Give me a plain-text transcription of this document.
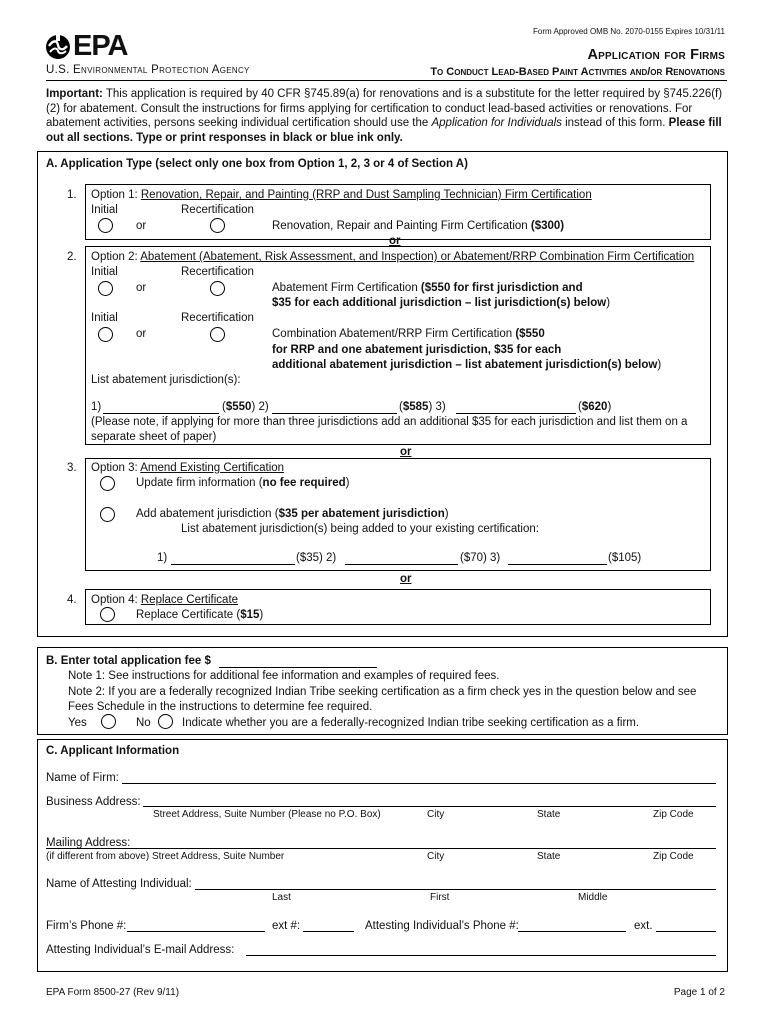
Form Approved OMB No. 2070-0155 Expires 10/31/11
EPA
U.S. Environmental Protection Agency
Application for Firms
To Conduct Lead-Based Paint Activities and/or Renovations
Important: This application is required by 40 CFR §745.89(a) for renovations and is a substitute for the letter required by §745.226(f)(2) for abatement. Consult the instructions for firms applying for certification to conduct lead-based activities or renovations. For abatement activities, persons seeking individual certification should use the Application for Individuals instead of this form. Please fill out all sections. Type or print responses in black or blue ink only.
A. Application Type (select only one box from Option 1, 2, 3 or 4 of Section A)
1. Option 1: Renovation, Repair, and Painting (RRP and Dust Sampling Technician) Firm Certification
Initial	Recertification
or	Renovation, Repair and Painting Firm Certification ($300)
or
2. Option 2: Abatement (Abatement, Risk Assessment, and Inspection) or Abatement/RRP Combination Firm Certification
Initial	Recertification
or	Abatement Firm Certification ($550 for first jurisdiction and
$35 for each additional jurisdiction – list jurisdiction(s) below)
Initial	Recertification
or	Combination Abatement/RRP Firm Certification ($550
for RRP and one abatement jurisdiction, $35 for each
additional abatement jurisdiction – list abatement jurisdiction(s) below)
List abatement jurisdiction(s):
1)	($550) 2)	($585) 3)	($620)
(Please note, if applying for more than three jurisdictions add an additional $35 for each jurisdiction and list them on a separate sheet of paper)
or
3. Option 3: Amend Existing Certification
Update firm information (no fee required)
Add abatement jurisdiction ($35 per abatement jurisdiction)
List abatement jurisdiction(s) being added to your existing certification:
1)	($35) 2)	($70) 3)	($105)
or
4. Option 4: Replace Certificate
Replace Certificate ($15)
B. Enter total application fee $
Note 1: See instructions for additional fee information and examples of required fees.
Note 2: If you are a federally recognized Indian Tribe seeking certification as a firm check yes in the question below and see Fees Schedule in the instructions to determine fee required.
Yes	No	Indicate whether you are a federally-recognized Indian tribe seeking certification as a firm.
C. Applicant Information
Name of Firm:
Business Address:
Street Address, Suite Number (Please no P.O. Box)	City	State	Zip Code
Mailing Address:
(if different from above) Street Address, Suite Number	City	State	Zip Code
Name of Attesting Individual:
Last	First	Middle
Firm’s Phone #:	ext #:	Attesting Individual’s Phone #:	ext.
Attesting Individual’s E-mail Address:
EPA Form 8500-27 (Rev 9/11)	Page 1 of 2
